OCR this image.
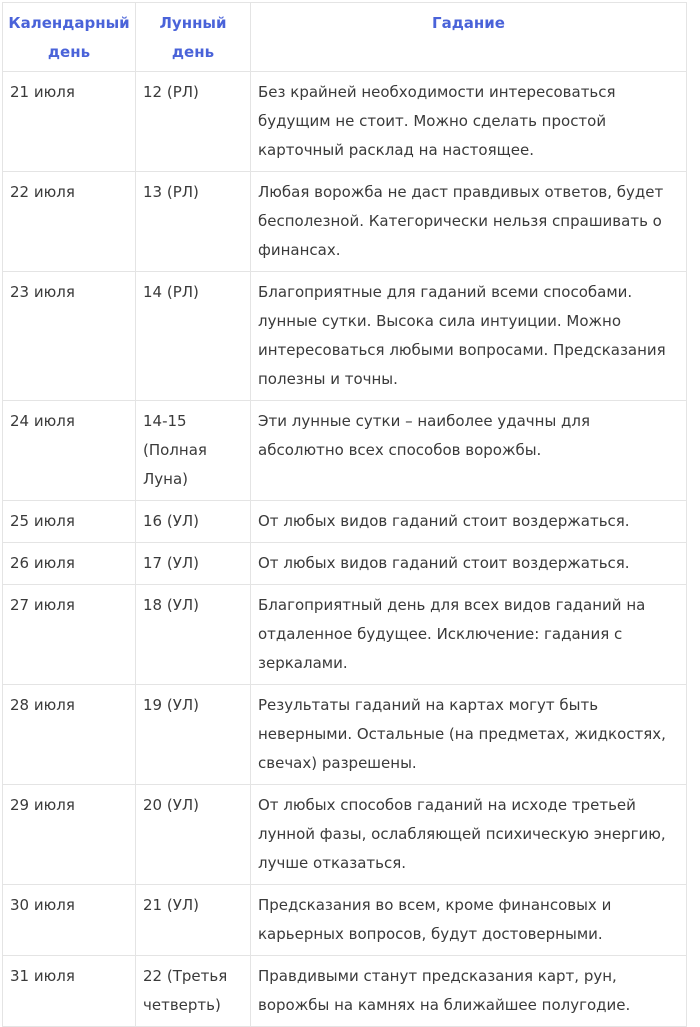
Календарный день	Лунный день	Гадание
21 июля	12 (РЛ)	Без крайней необходимости интересоваться будущим не стоит. Можно сделать простой карточный расклад на настоящее.
22 июля	13 (РЛ)	Любая ворожба не даст правдивых ответов, будет бесполезной. Категорически нельзя спрашивать о финансах.
23 июля	14 (РЛ)	Благоприятные для гаданий всеми способами. лунные сутки. Высока сила интуиции. Можно интересоваться любыми вопросами. Предсказания полезны и точны.
24 июля	14-15 (Полная Луна)	Эти лунные сутки – наиболее удачны для абсолютно всех способов ворожбы.
25 июля	16 (УЛ)	От любых видов гаданий стоит воздержаться.
26 июля	17 (УЛ)	От любых видов гаданий стоит воздержаться.
27 июля	18 (УЛ)	Благоприятный день для всех видов гаданий на отдаленное будущее. Исключение: гадания с зеркалами.
28 июля	19 (УЛ)	Результаты гаданий на картах могут быть неверными. Остальные (на предметах, жидкостях, свечах) разрешены.
29 июля	20 (УЛ)	От любых способов гаданий на исходе третьей лунной фазы, ослабляющей психическую энергию, лучше отказаться.
30 июля	21 (УЛ)	Предсказания во всем, кроме финансовых и карьерных вопросов, будут достоверными.
31 июля	22 (Третья четверть)	Правдивыми станут предсказания карт, рун, ворожбы на камнях на ближайшее полугодие.
